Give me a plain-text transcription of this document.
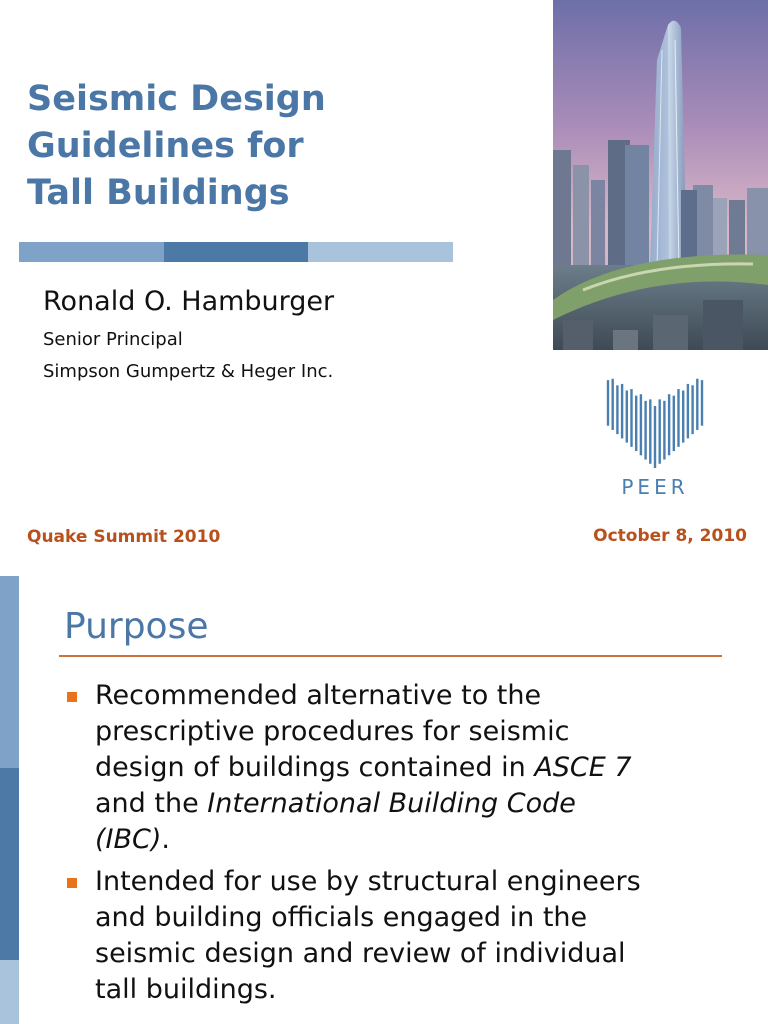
Seismic Design
Guidelines for
Tall Buildings
Ronald O. Hamburger
Senior Principal
Simpson Gumpertz & Heger Inc.
PEER
Quake Summit 2010	October 8, 2010
Purpose
Recommended alternative to the
prescriptive procedures for seismic
design of buildings contained in ASCE 7
and the International Building Code
(IBC).
Intended for use by structural engineers
and building officials engaged in the
seismic design and review of individual
tall buildings.
